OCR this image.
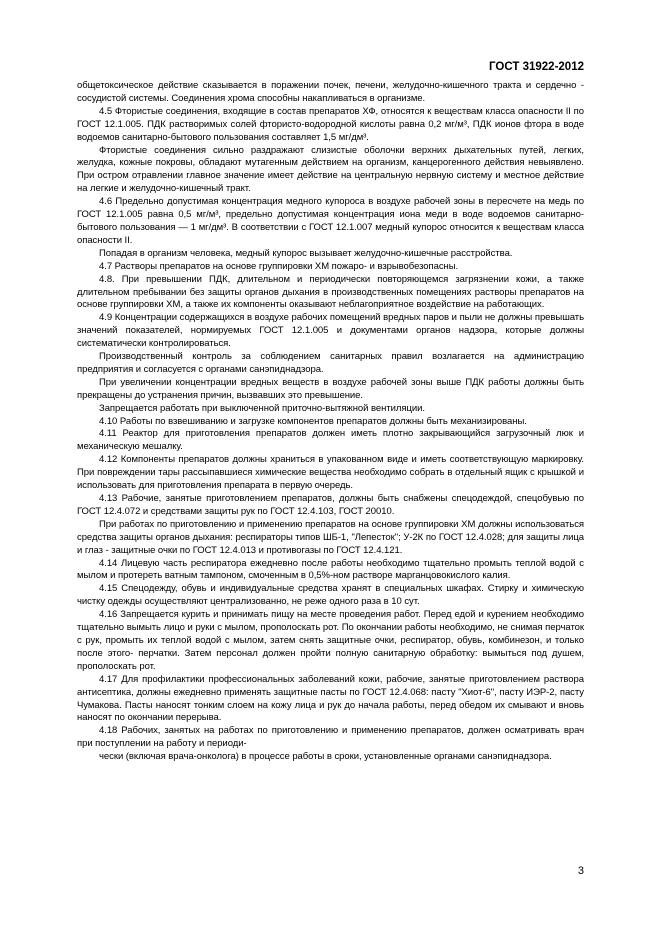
ГОСТ 31922-2012

общетоксическое действие сказывается в поражении почек, печени, желудочно-кишечного тракта и сердечно - сосудистой системы. Соединения хрома способны накапливаться в организме.

4.5 Фтористые соединения, входящие в состав препаратов ХФ, относятся к веществам класса опасности II по ГОСТ 12.1.005. ПДК растворимых солей фтористо-водородной кислоты равна 0,2 мг/м³, ПДК ионов фтора в воде водоемов санитарно-бытового пользования составляет 1,5 мг/дм³.

Фтористые соединения сильно раздражают слизистые оболочки верхних дыхательных путей, легких, желудка, кожные покровы, обладают мутагенным действием на организм, канцерогенного действия невыявлено. При остром отравлении главное значение имеет действие на центральную нервную систему и местное действие на легкие и желудочно-кишечный тракт.

4.6 Предельно допустимая концентрация медного купороса в воздухе рабочей зоны в пересчете на медь по ГОСТ 12.1.005 равна 0,5 мг/м³, предельно допустимая концентрация иона меди в воде водоемов санитарно-бытового пользования — 1 мг/дм³. В соответствии с ГОСТ 12.1.007 медный купорос относится к веществам класса опасности II.

Попадая в организм человека, медный купорос вызывает желудочно-кишечные расстройства.

4.7 Растворы препаратов на основе группировки ХМ пожаро- и взрывобезопасны.

4.8. При превышении ПДК, длительном и периодически повторяющемся загрязнении кожи, а также длительном пребывании без защиты органов дыхания в производственных помещениях растворы препаратов на основе группировки ХМ, а также их компоненты оказывают неблагоприятное воздействие на работающих.

4.9 Концентрации содержащихся в воздухе рабочих помещений вредных паров и пыли не должны превышать значений показателей, нормируемых ГОСТ 12.1.005 и документами органов надзора, которые должны систематически контролироваться.

Производственный контроль за соблюдением санитарных правил возлагается на администрацию предприятия и согласуется с органами санэпиднадзора.

При увеличении концентрации вредных веществ в воздухе рабочей зоны выше ПДК работы должны быть прекращены до устранения причин, вызвавших это превышение.

Запрещается работать при выключенной приточно-вытяжной вентиляции.

4.10 Работы по взвешиванию и загрузке компонентов препаратов должны быть механизированы.

4.11 Реактор для приготовления препаратов должен иметь плотно закрывающийся загрузочный люк и механическую мешалку.

4.12 Компоненты препаратов должны храниться в упакованном виде и иметь соответствующую маркировку. При повреждении тары рассыпавшиеся химические вещества необходимо собрать в отдельный ящик с крышкой и использовать для приготовления препарата в первую очередь.

4.13 Рабочие, занятые приготовлением препаратов, должны быть снабжены спецодеждой, спецобувью по ГОСТ 12.4.072 и средствами защиты рук по ГОСТ 12.4.103, ГОСТ 20010.

При работах по приготовлению и применению препаратов на основе группировки ХМ должны использоваться средства защиты органов дыхания: респираторы типов ШБ-1, "Лепесток"; У-2К по ГОСТ 12.4.028; для защиты лица и глаз - защитные очки по ГОСТ 12.4.013 и противогазы по ГОСТ 12.4.121.

4.14 Лицевую часть респиратора ежедневно после работы необходимо тщательно промыть теплой водой с мылом и протереть ватным тампоном, смоченным в 0,5%-ном растворе марганцовокислого калия.

4.15 Спецодежду, обувь и индивидуальные средства хранят в специальных шкафах. Стирку и химическую чистку одежды осуществляют централизованно, не реже одного раза в 10 сут.

4.16 Запрещается курить и принимать пищу на месте проведения работ. Перед едой и курением необходимо тщательно вымыть лицо и руки с мылом, прополоскать рот. По окончании работы необходимо, не снимая перчаток с рук, промыть их теплой водой с мылом, затем снять защитные очки, респиратор, обувь, комбинезон, и только после этого- перчатки. Затем персонал должен пройти полную санитарную обработку: вымыться под душем, прополоскать рот.

4.17 Для профилактики профессиональных заболеваний кожи, рабочие, занятые приготовлением раствора антисептика, должны ежедневно применять защитные пасты по ГОСТ 12.4.068: пасту "Хиот-6", пасту ИЭР-2, пасту Чумакова. Пасты наносят тонким слоем на кожу лица и рук до начала работы, перед обедом их смывают и вновь наносят по окончании перерыва.

4.18 Рабочих, занятых на работах по приготовлению и применению препаратов, должен осматривать врач при поступлении на работу и периоди-

чески (включая врача-онколога) в процессе работы в сроки, установленные органами санэпиднадзора.

3
